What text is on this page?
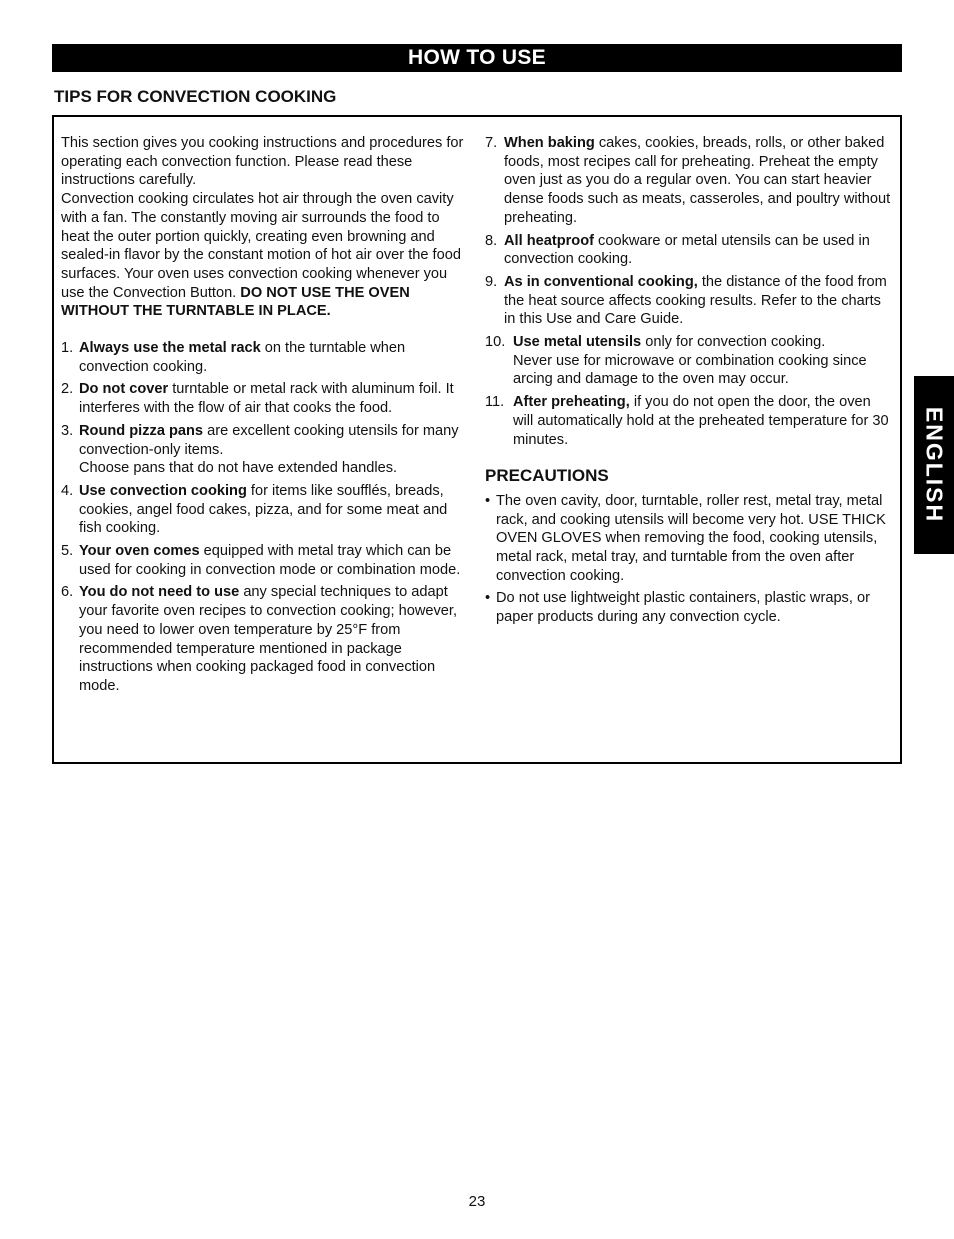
HOW TO USE
TIPS FOR CONVECTION COOKING

This section gives you cooking instructions and procedures for operating each convection function. Please read these instructions carefully.

Convection cooking circulates hot air through the oven cavity with a fan. The constantly moving air surrounds the food to heat the outer portion quickly, creating even browning and sealed-in flavor by the constant motion of hot air over the food surfaces. Your oven uses convection cooking whenever you use the Convection Button. DO NOT USE THE OVEN WITHOUT THE TURNTABLE IN PLACE.

1. Always use the metal rack on the turntable when convection cooking.
2. Do not cover turntable or metal rack with aluminum foil. It interferes with the flow of air that cooks the food.
3. Round pizza pans are excellent cooking utensils for many convection-only items.
Choose pans that do not have extended handles.
4. Use convection cooking for items like soufflés, breads, cookies, angel food cakes, pizza, and for some meat and fish cooking.
5. Your oven comes equipped with metal tray which can be used for cooking in convection mode or combination mode.
6. You do not need to use any special techniques to adapt your favorite oven recipes to convection cooking; however, you need to lower oven temperature by 25°F from recommended temperature mentioned in package instructions when cooking packaged food in convection mode.
7. When baking cakes, cookies, breads, rolls, or other baked foods, most recipes call for preheating. Preheat the empty oven just as you do a regular oven. You can start heavier dense foods such as meats, casseroles, and poultry without preheating.
8. All heatproof cookware or metal utensils can be used in convection cooking.
9. As in conventional cooking, the distance of the food from the heat source affects cooking results. Refer to the charts in this Use and Care Guide.
10. Use metal utensils only for convection cooking.
Never use for microwave or combination cooking since arcing and damage to the oven may occur.
11. After preheating, if you do not open the door, the oven will automatically hold at the preheated temperature for 30 minutes.
PRECAUTIONS
• The oven cavity, door, turntable, roller rest, metal tray, metal rack, and cooking utensils will become very hot. USE THICK OVEN GLOVES when removing the food, cooking utensils, metal rack, metal tray, and turntable from the oven after convection cooking.
• Do not use lightweight plastic containers, plastic wraps, or paper products during any convection cycle.
ENGLISH
23
